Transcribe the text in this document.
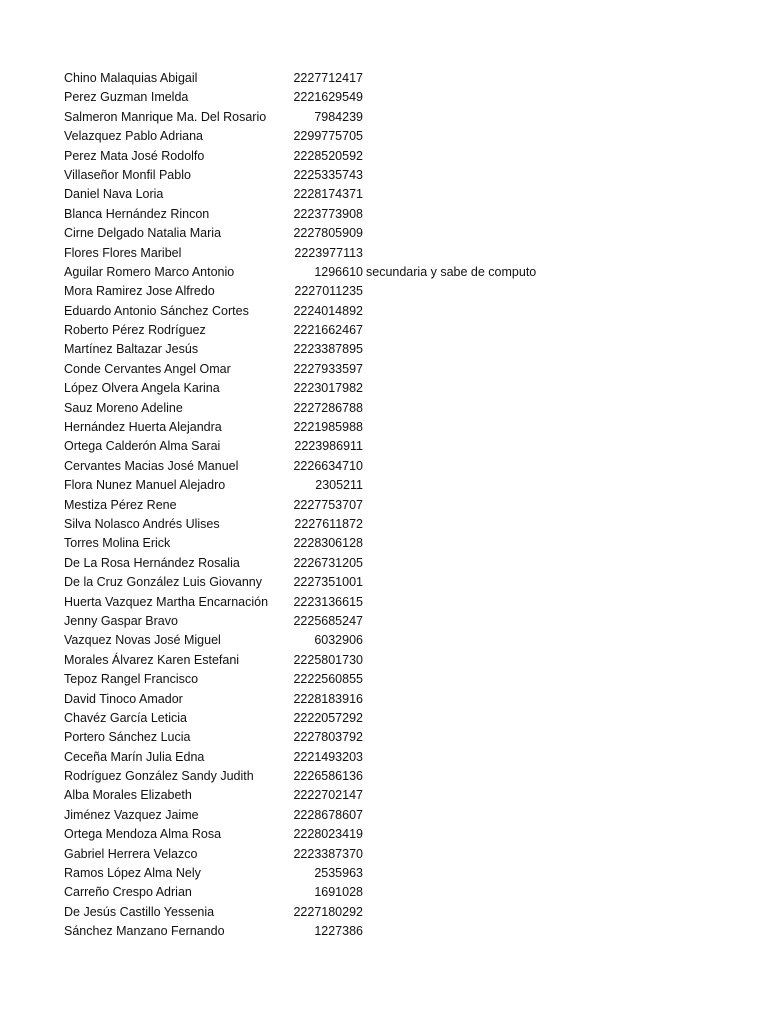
Chino Malaquias Abigail	2227712417
Perez Guzman Imelda	2221629549
Salmeron Manrique Ma. Del Rosario	7984239
Velazquez Pablo Adriana	2299775705
Perez Mata José Rodolfo	2228520592
Villaseñor Monfil Pablo	2225335743
Daniel Nava Loria	2228174371
Blanca Hernández Rincon	2223773908
Cirne Delgado Natalia Maria	2227805909
Flores Flores Maribel	2223977113
Aguilar Romero Marco Antonio	1296610 secundaria y sabe de computo
Mora Ramirez Jose Alfredo	2227011235
Eduardo Antonio Sánchez Cortes	2224014892
Roberto Pérez Rodríguez	2221662467
Martínez Baltazar Jesús	2223387895
Conde Cervantes Angel Omar	2227933597
López Olvera Angela Karina	2223017982
Sauz Moreno Adeline	2227286788
Hernández Huerta Alejandra	2221985988
Ortega Calderón Alma Sarai	2223986911
Cervantes Macias José Manuel	2226634710
Flora Nunez Manuel Alejadro	2305211
Mestiza Pérez Rene	2227753707
Silva Nolasco Andrés Ulises	2227611872
Torres Molina Erick	2228306128
De La Rosa Hernández Rosalia	2226731205
De la Cruz González Luis Giovanny	2227351001
Huerta Vazquez Martha Encarnación	2223136615
Jenny Gaspar Bravo	2225685247
Vazquez Novas José Miguel	6032906
Morales Álvarez Karen Estefani	2225801730
Tepoz Rangel Francisco	2222560855
David Tinoco Amador	2228183916
Chavéz García Leticia	2222057292
Portero Sánchez Lucia	2227803792
Ceceña Marín Julia Edna	2221493203
Rodríguez González Sandy Judith	2226586136
Alba Morales Elizabeth	2222702147
Jiménez Vazquez Jaime	2228678607
Ortega Mendoza Alma Rosa	2228023419
Gabriel Herrera Velazco	2223387370
Ramos López Alma Nely	2535963
Carreño Crespo Adrian	1691028
De Jesús Castillo Yessenia	2227180292
Sánchez Manzano Fernando	1227386
